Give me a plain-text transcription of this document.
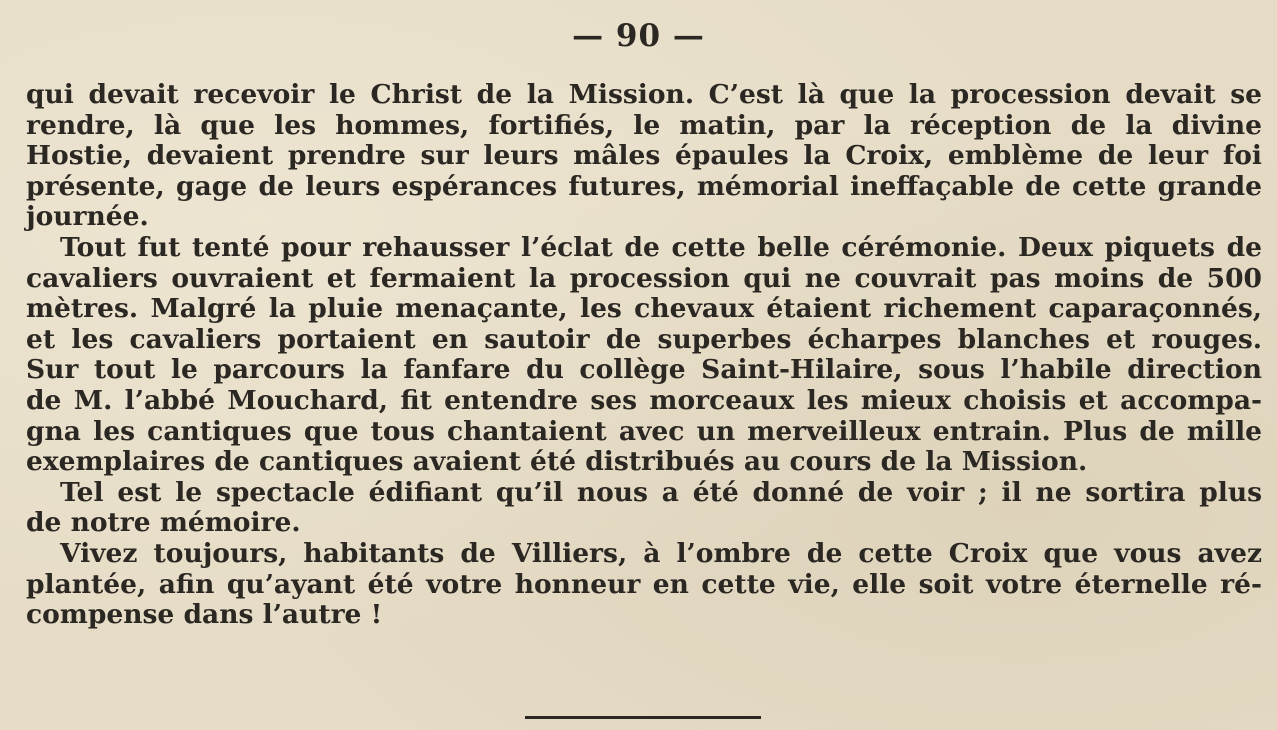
— 90 —
qui devait recevoir le Christ de la Mission. C’est là que la procession devait se
rendre, là que les hommes, fortifiés, le matin, par la réception de la divine
Hostie, devaient prendre sur leurs mâles épaules la Croix, emblème de leur foi
présente, gage de leurs espérances futures, mémorial ineffaçable de cette grande
journée.
Tout fut tenté pour rehausser l’éclat de cette belle cérémonie. Deux piquets de
cavaliers ouvraient et fermaient la procession qui ne couvrait pas moins de 500
mètres. Malgré la pluie menaçante, les chevaux étaient richement caparaçonnés,
et les cavaliers portaient en sautoir de superbes écharpes blanches et rouges.
Sur tout le parcours la fanfare du collège Saint-Hilaire, sous l’habile direction
de M. l’abbé Mouchard, fit entendre ses morceaux les mieux choisis et accompa-
gna les cantiques que tous chantaient avec un merveilleux entrain. Plus de mille
exemplaires de cantiques avaient été distribués au cours de la Mission.
Tel est le spectacle édifiant qu’il nous a été donné de voir ; il ne sortira plus
de notre mémoire.
Vivez toujours, habitants de Villiers, à l’ombre de cette Croix que vous avez
plantée, afin qu’ayant été votre honneur en cette vie, elle soit votre éternelle ré-
compense dans l’autre !
